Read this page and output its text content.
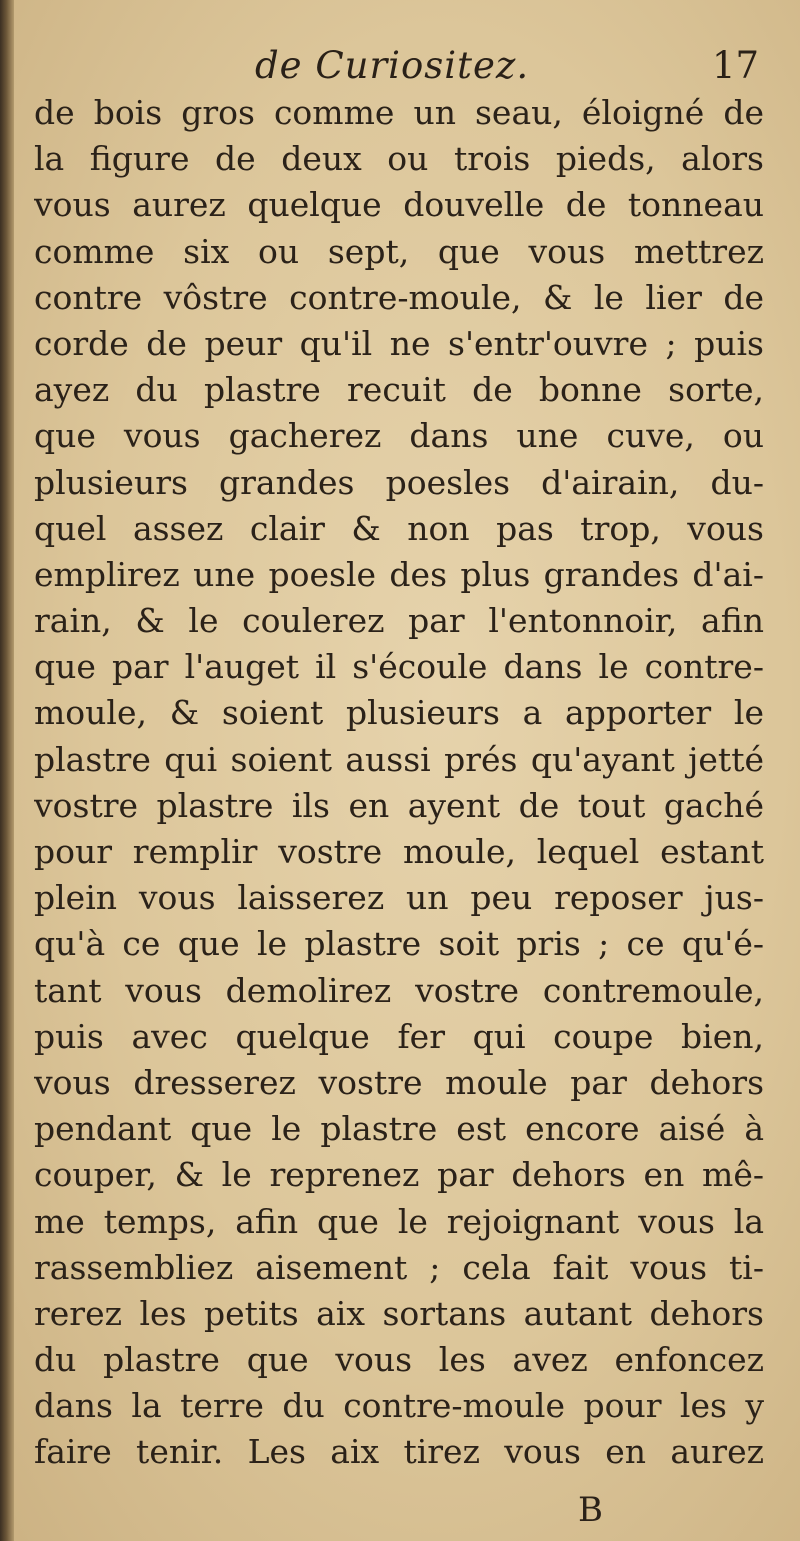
de Curiositez.	17
de bois gros comme un seau, éloigné de
la figure de deux ou trois pieds, alors
vous aurez quelque douvelle de tonneau
comme six ou sept, que vous mettrez
contre vôstre contre-moule, & le lier de
corde de peur qu'il ne s'entr'ouvre ; puis
ayez du plastre recuit de bonne sorte,
que vous gacherez dans une cuve, ou
plusieurs grandes poesles d'airain, du-
quel assez clair & non pas trop, vous
emplirez une poesle des plus grandes d'ai-
rain, & le coulerez par l'entonnoir, afin
que par l'auget il s'écoule dans le contre-
moule, & soient plusieurs a apporter le
plastre qui soient aussi prés qu'ayant jetté
vostre plastre ils en ayent de tout gaché
pour remplir vostre moule, lequel estant
plein vous laisserez un peu reposer jus-
qu'à ce que le plastre soit pris ; ce qu'é-
tant vous demolirez vostre contremoule,
puis avec quelque fer qui coupe bien,
vous dresserez vostre moule par dehors
pendant que le plastre est encore aisé à
couper, & le reprenez par dehors en mê-
me temps, afin que le rejoignant vous la
rassembliez aisement ; cela fait vous ti-
rerez les petits aix sortans autant dehors
du plastre que vous les avez enfoncez
dans la terre du contre-moule pour les y
faire tenir. Les aix tirez vous en aurez
B
